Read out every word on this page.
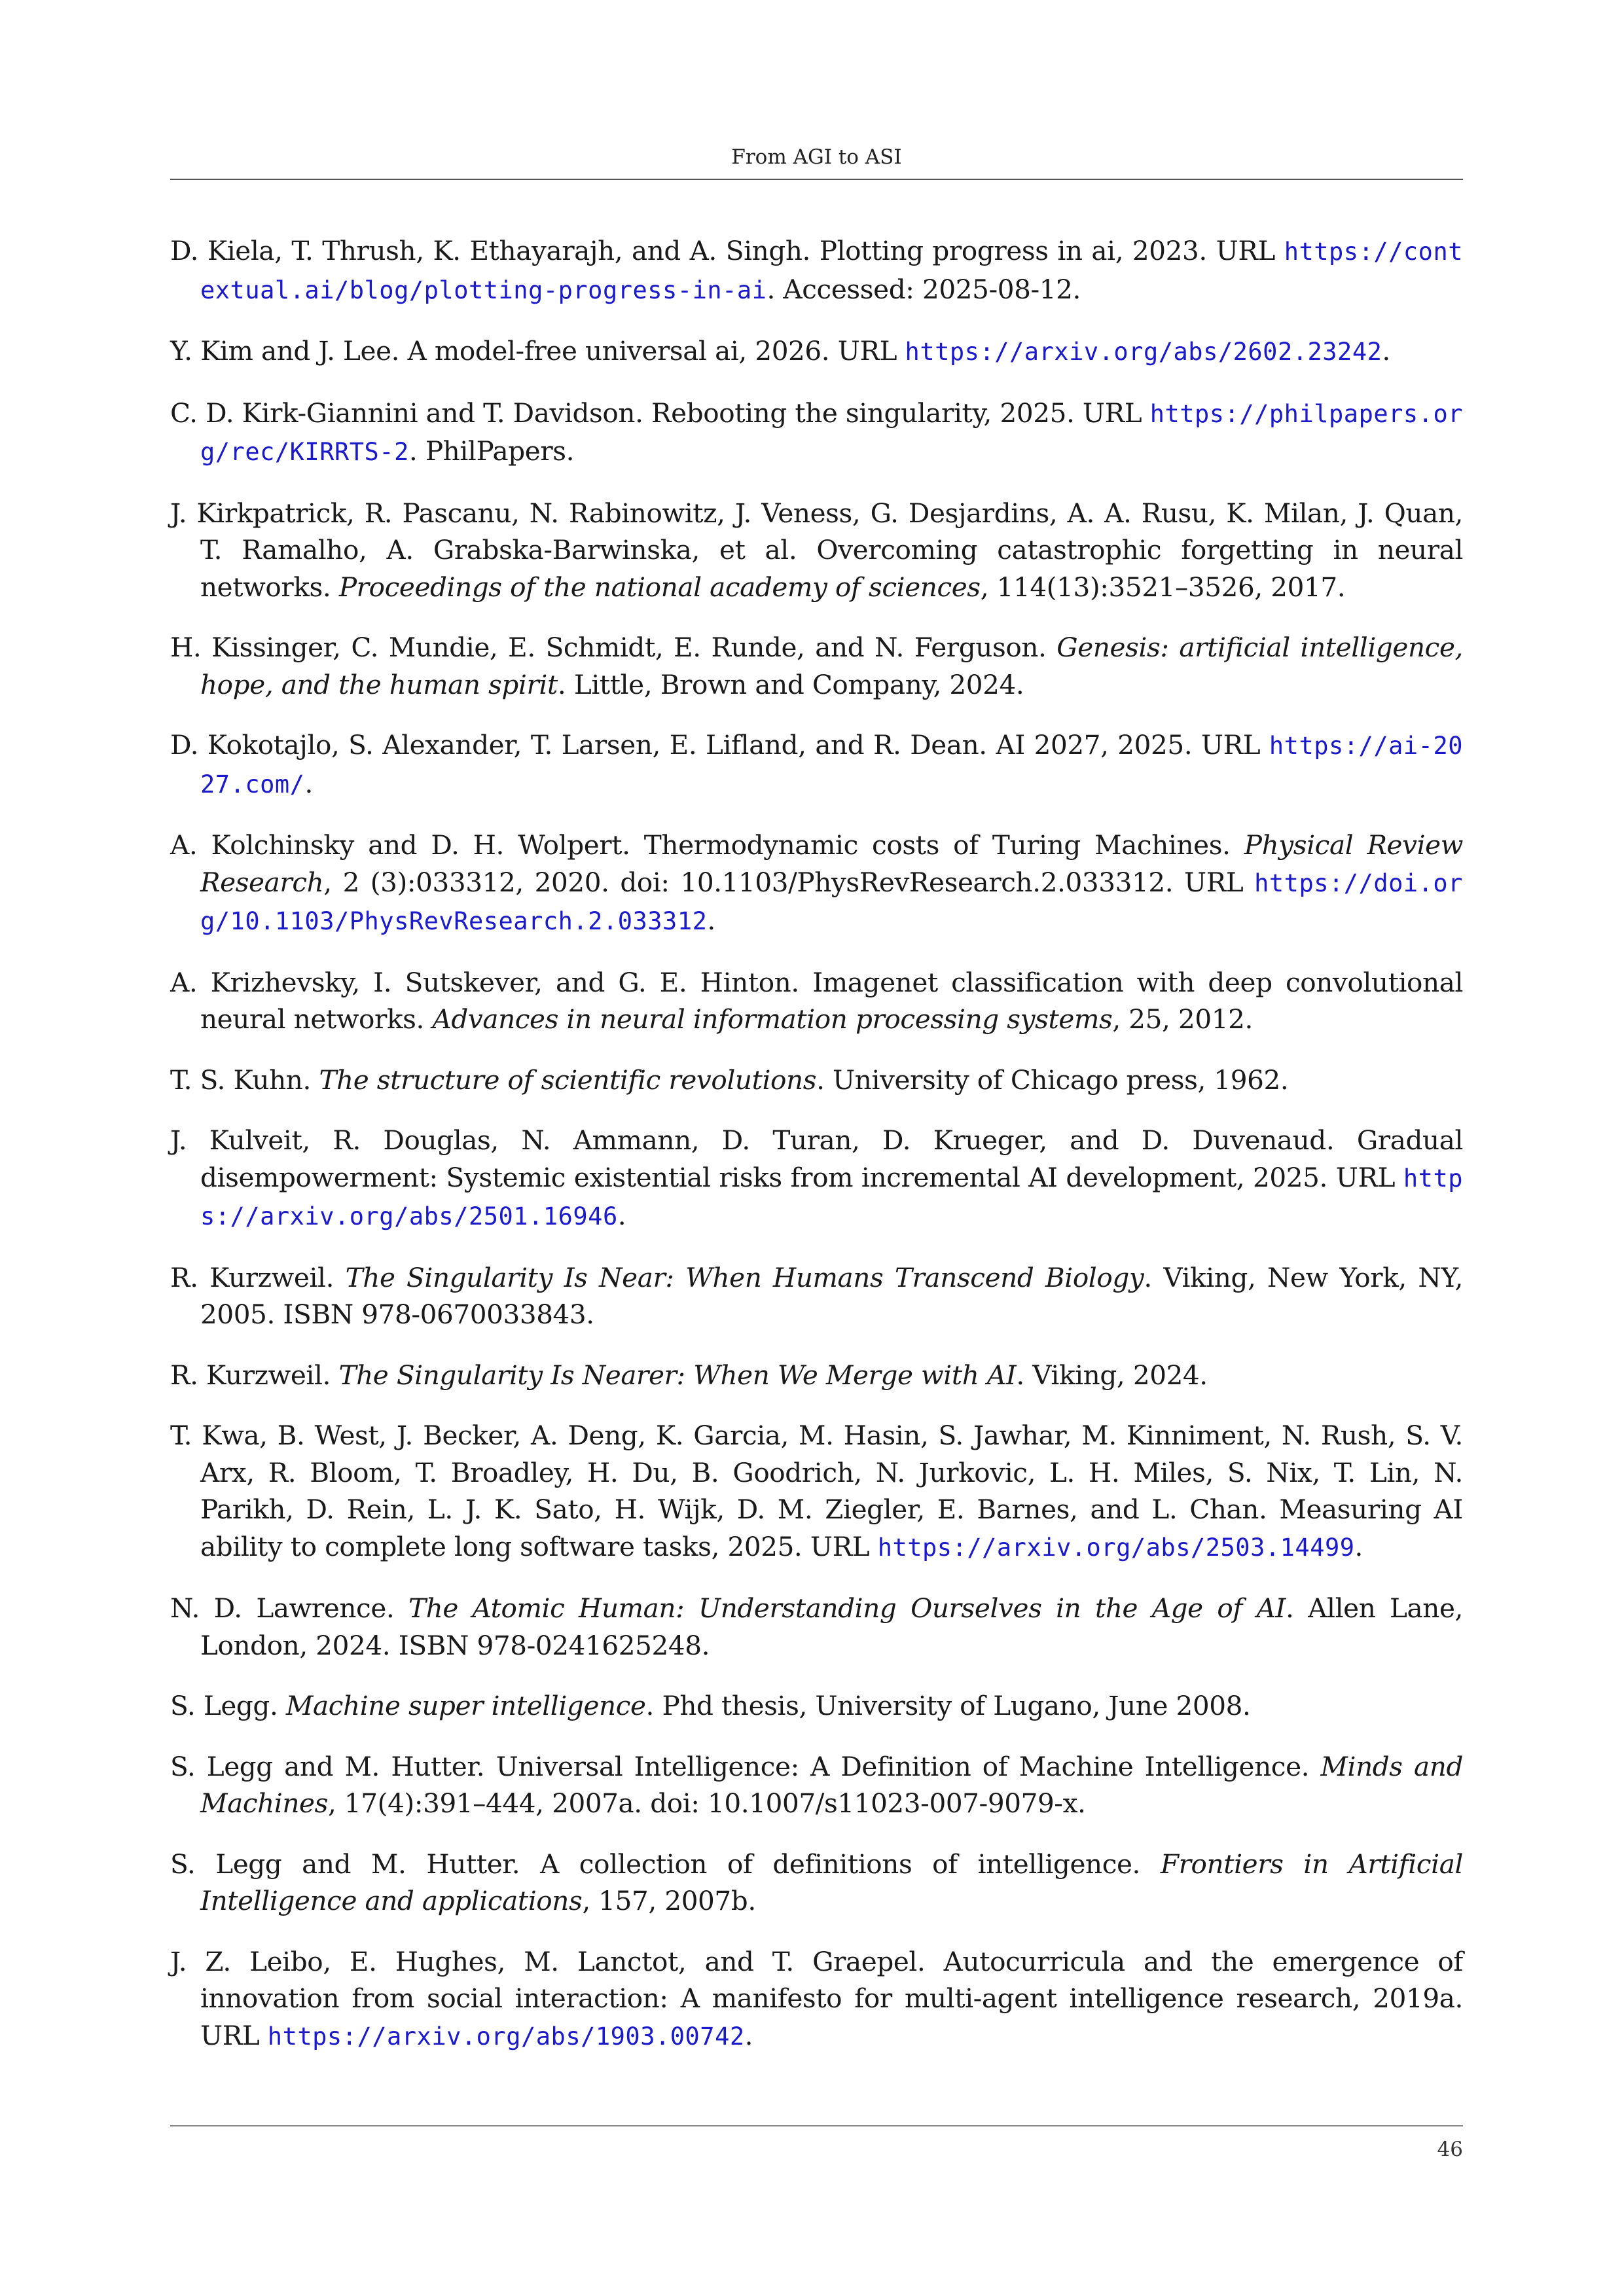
From AGI to ASI

D. Kiela, T. Thrush, K. Ethayarajh, and A. Singh. Plotting progress in ai, 2023. URL https://contextual.ai/blog/plotting-progress-in-ai. Accessed: 2025-08-12.

Y. Kim and J. Lee. A model-free universal ai, 2026. URL https://arxiv.org/abs/2602.23242.

C. D. Kirk-Giannini and T. Davidson. Rebooting the singularity, 2025. URL https://philpapers.org/rec/KIRRTS-2. PhilPapers.

J. Kirkpatrick, R. Pascanu, N. Rabinowitz, J. Veness, G. Desjardins, A. A. Rusu, K. Milan, J. Quan, T. Ramalho, A. Grabska-Barwinska, et al. Overcoming catastrophic forgetting in neural networks. Proceedings of the national academy of sciences, 114(13):3521–3526, 2017.

H. Kissinger, C. Mundie, E. Schmidt, E. Runde, and N. Ferguson. Genesis: artificial intelligence, hope, and the human spirit. Little, Brown and Company, 2024.

D. Kokotajlo, S. Alexander, T. Larsen, E. Lifland, and R. Dean. AI 2027, 2025. URL https://ai-2027.com/.

A. Kolchinsky and D. H. Wolpert. Thermodynamic costs of Turing Machines. Physical Review Research, 2 (3):033312, 2020. doi: 10.1103/PhysRevResearch.2.033312. URL https://doi.org/10.1103/PhysRevResearch.2.033312.

A. Krizhevsky, I. Sutskever, and G. E. Hinton. Imagenet classification with deep convolutional neural networks. Advances in neural information processing systems, 25, 2012.

T. S. Kuhn. The structure of scientific revolutions. University of Chicago press, 1962.

J. Kulveit, R. Douglas, N. Ammann, D. Turan, D. Krueger, and D. Duvenaud. Gradual disempowerment: Systemic existential risks from incremental AI development, 2025. URL https://arxiv.org/abs/2501.16946.

R. Kurzweil. The Singularity Is Near: When Humans Transcend Biology. Viking, New York, NY, 2005. ISBN 978-0670033843.

R. Kurzweil. The Singularity Is Nearer: When We Merge with AI. Viking, 2024.

T. Kwa, B. West, J. Becker, A. Deng, K. Garcia, M. Hasin, S. Jawhar, M. Kinniment, N. Rush, S. V. Arx, R. Bloom, T. Broadley, H. Du, B. Goodrich, N. Jurkovic, L. H. Miles, S. Nix, T. Lin, N. Parikh, D. Rein, L. J. K. Sato, H. Wijk, D. M. Ziegler, E. Barnes, and L. Chan. Measuring AI ability to complete long software tasks, 2025. URL https://arxiv.org/abs/2503.14499.

N. D. Lawrence. The Atomic Human: Understanding Ourselves in the Age of AI. Allen Lane, London, 2024. ISBN 978-0241625248.

S. Legg. Machine super intelligence. Phd thesis, University of Lugano, June 2008.

S. Legg and M. Hutter. Universal Intelligence: A Definition of Machine Intelligence. Minds and Machines, 17(4):391–444, 2007a. doi: 10.1007/s11023-007-9079-x.

S. Legg and M. Hutter. A collection of definitions of intelligence. Frontiers in Artificial Intelligence and applications, 157, 2007b.

J. Z. Leibo, E. Hughes, M. Lanctot, and T. Graepel. Autocurricula and the emergence of innovation from social interaction: A manifesto for multi-agent intelligence research, 2019a. URL https://arxiv.org/abs/1903.00742.

46
